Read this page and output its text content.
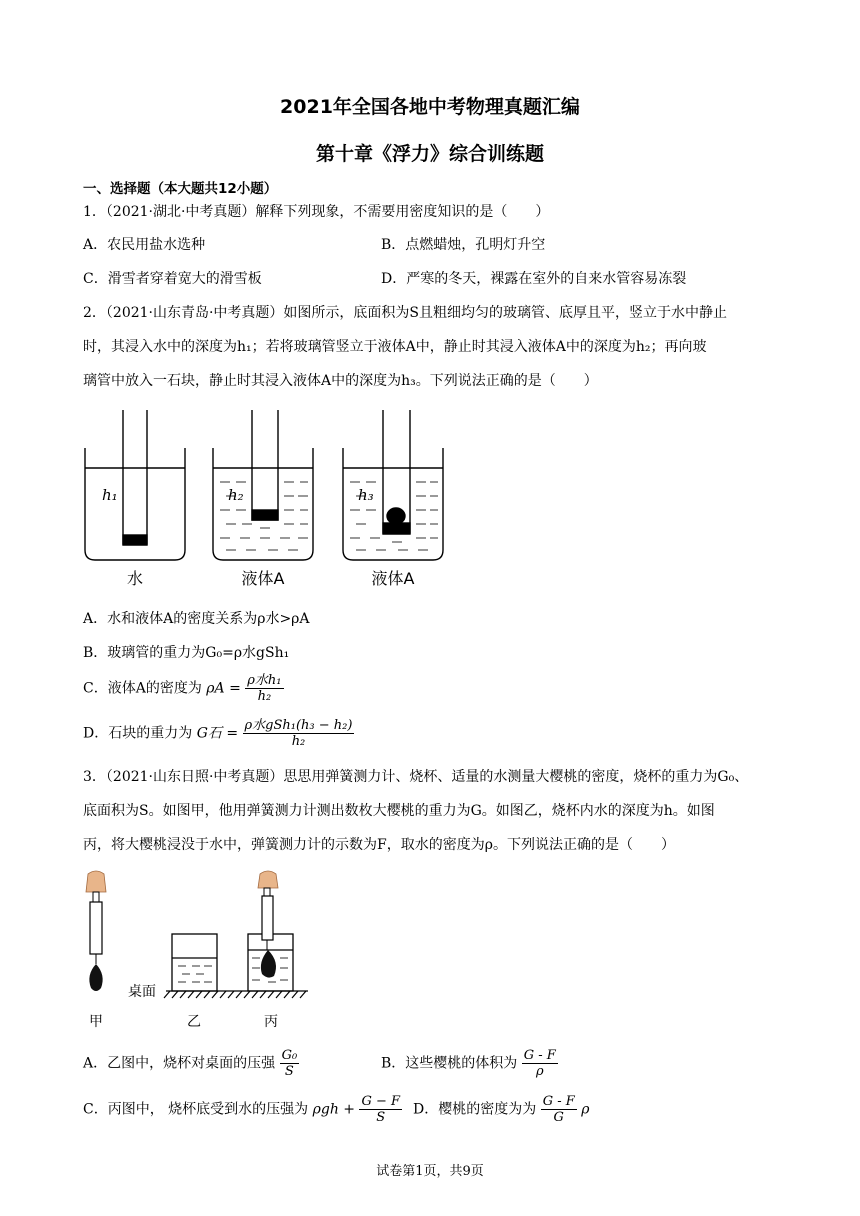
2021年全国各地中考物理真题汇编
第十章《浮力》综合训练题
一、选择题（本大题共12小题）
1．（2021·湖北·中考真题）解释下列现象，不需要用密度知识的是（　　）
A．农民用盐水选种	B．点燃蜡烛，孔明灯升空
C．滑雪者穿着宽大的滑雪板	D．严寒的冬天，裸露在室外的自来水管容易冻裂
2．（2021·山东青岛·中考真题）如图所示，底面积为S且粗细均匀的玻璃管、底厚且平，竖立于水中静止
时，其浸入水中的深度为h₁；若将玻璃管竖立于液体A中，静止时其浸入液体A中的深度为h₂；再向玻
璃管中放入一石块，静止时其浸入液体A中的深度为h₃。下列说法正确的是（　　）
h₁	h₂	h₃
水	液体A	液体A
A．水和液体A的密度关系为ρ水>ρA
B．玻璃管的重力为G₀=ρ水gSh₁
C．液体A的密度为 $\rho A = \frac{\text{ρ水h₁}}{\text{h₂}}$
D．石块的重力为 G石 = $\frac{\text{ρ水gSh₁(h₃ − h₂)}}{\text{h₂}}$
3．（2021·山东日照·中考真题）思思用弹簧测力计、烧杯、适量的水测量大樱桃的密度，烧杯的重力为G₀、
底面积为S。如图甲，他用弹簧测力计测出数枚大樱桃的重力为G。如图乙，烧杯内水的深度为h。如图
丙，将大樱桃浸没于水中，弹簧测力计的示数为F，取水的密度为ρ。下列说法正确的是（　　）
桌面
甲	乙	丙
A．乙图中，烧杯对桌面的压强 $\frac{\text{G₀}}{S}$	B．这些樱桃的体积为 $\frac{G - F}{\rho}$
C．丙图中， 烧杯底受到水的压强为 $\rho gh + \frac{G - F}{S}$ D．樱桃的密度为为 $\frac{G - F}{G}$ ρ
试卷第1页，共9页
